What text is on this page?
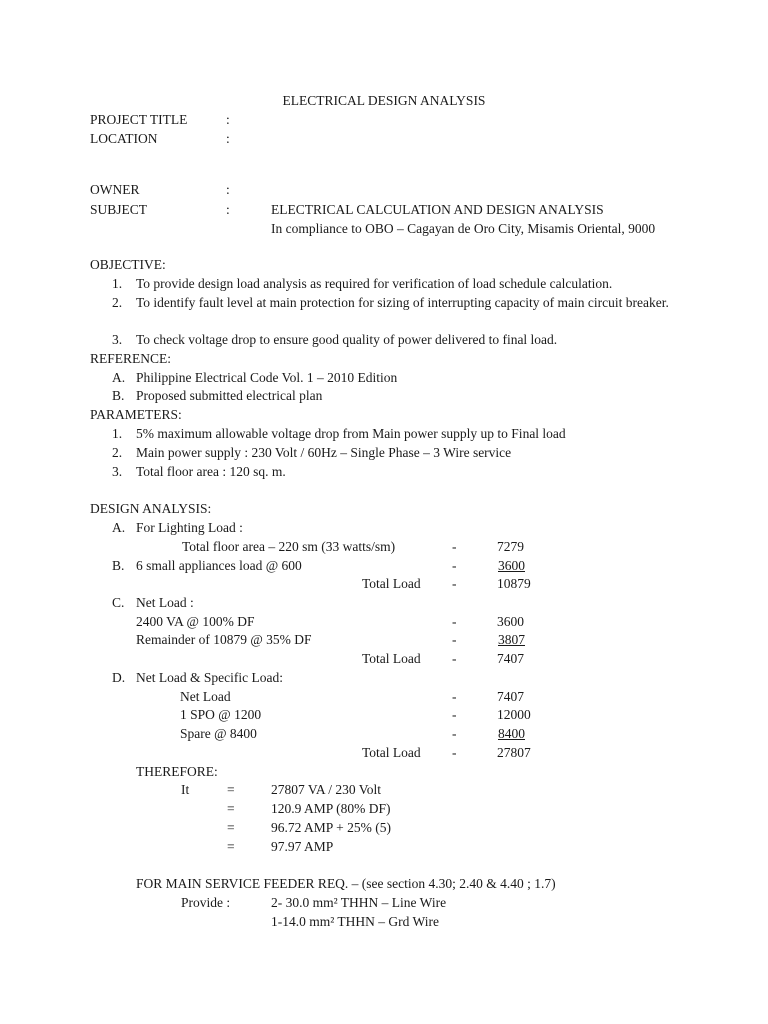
ELECTRICAL DESIGN ANALYSIS
PROJECT TITLE	:
LOCATION	:
OWNER	:
SUBJECT	:	ELECTRICAL CALCULATION AND DESIGN ANALYSIS
In compliance to OBO – Cagayan de Oro City, Misamis Oriental, 9000
OBJECTIVE:
1. To provide design load analysis as required for verification of load schedule calculation.
2. To identify fault level at main protection for sizing of interrupting capacity of main circuit breaker.
3. To check voltage drop to ensure good quality of power delivered to final load.
REFERENCE:
A. Philippine Electrical Code Vol. 1 – 2010 Edition
B. Proposed submitted electrical plan
PARAMETERS:
1. 5% maximum allowable voltage drop from Main power supply up to Final load
2. Main power supply : 230 Volt / 60Hz – Single Phase – 3 Wire service
3. Total floor area : 120 sq. m.
DESIGN ANALYSIS:
A. For Lighting Load :
Total floor area – 220 sm (33 watts/sm)	-	7279
B. 6 small appliances load @ 600	-	3600
Total Load -	10879
C. Net Load :
2400 VA @ 100% DF	-	3600
Remainder of 10879 @ 35% DF	-	3807
Total Load -	7407
D. Net Load & Specific Load:
Net Load	-	7407
1 SPO @ 1200	-	12000
Spare @ 8400	-	8400
Total Load -	27807
THEREFORE:
It	=	27807 VA / 230 Volt
=	120.9 AMP (80% DF)
=	96.72 AMP + 25% (5)
=	97.97 AMP
FOR MAIN SERVICE FEEDER REQ. – (see section 4.30; 2.40 & 4.40 ; 1.7)
Provide :	2- 30.0 mm² THHN – Line Wire
1-14.0 mm² THHN – Grd Wire
